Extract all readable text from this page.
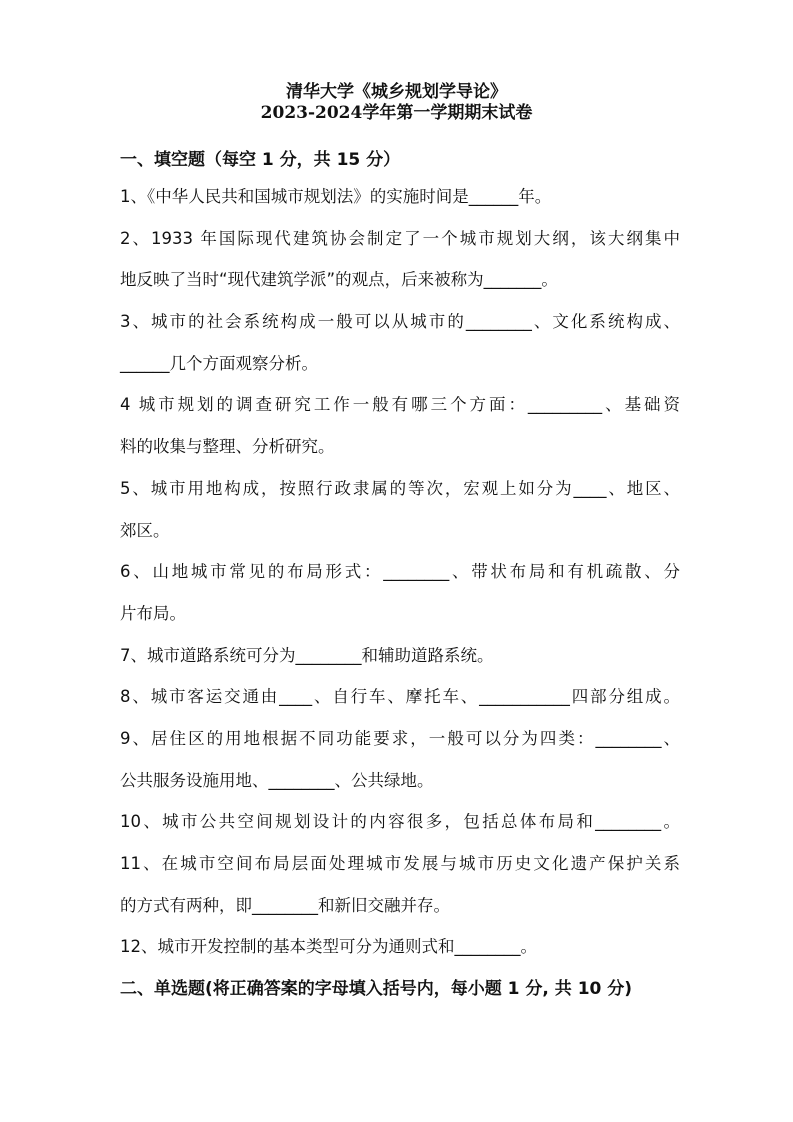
清华大学《城乡规划学导论》
2023-2024学年第一学期期末试卷
一、填空题（每空 1 分，共 15 分）
1、《中华人民共和国城市规划法》的实施时间是______年。
2、1933 年国际现代建筑协会制定了一个城市规划大纲，该大纲集中
地反映了当时“现代建筑学派”的观点，后来被称为_______。
3、城市的社会系统构成一般可以从城市的________、文化系统构成、
______几个方面观察分析。
4 城市规划的调查研究工作一般有哪三个方面：_________、基础资
料的收集与整理、分析研究。
5、城市用地构成，按照行政隶属的等次，宏观上如分为____、地区、
郊区。
6、山地城市常见的布局形式：________、带状布局和有机疏散、分
片布局。
7、城市道路系统可分为________和辅助道路系统。
8、城市客运交通由____、自行车、摩托车、___________四部分组成。
9、居住区的用地根据不同功能要求，一般可以分为四类：________、
公共服务设施用地、________、公共绿地。
10、城市公共空间规划设计的内容很多，包括总体布局和________。
11、在城市空间布局层面处理城市发展与城市历史文化遗产保护关系
的方式有两种，即________和新旧交融并存。
12、城市开发控制的基本类型可分为通则式和________。
二、单选题(将正确答案的字母填入括号内，每小题 1 分, 共 10 分)
